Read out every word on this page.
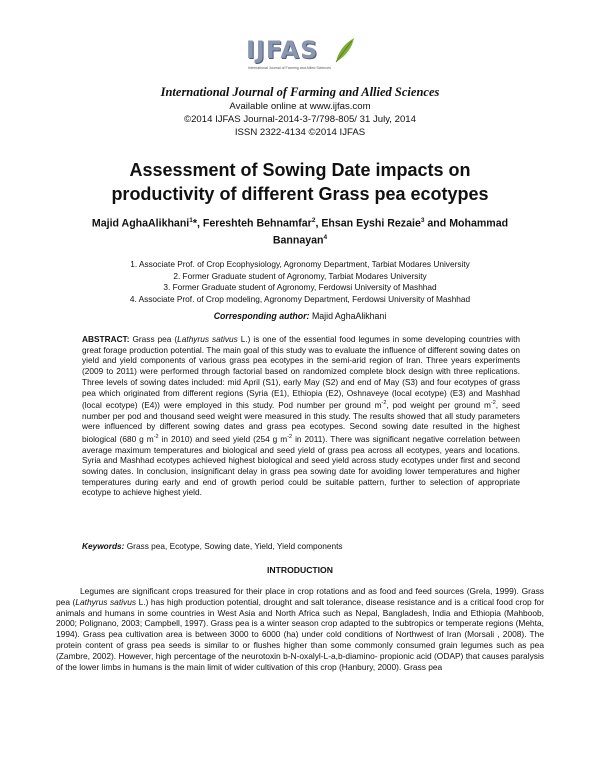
IJFAS
International Journal of Farming and Allied Sciences
International Journal of Farming and Allied Sciences
Available online at www.ijfas.com
©2014 IJFAS Journal-2014-3-7/798-805/ 31 July, 2014
ISSN 2322-4134 ©2014 IJFAS
Assessment of Sowing Date impacts on
productivity of different Grass pea ecotypes
Majid AghaAlikhani$^1$*, Fereshteh Behnamfar$^2$, Ehsan Eyshi Rezaie$^3$ and Mohammad Bannayan$^4$
1. Associate Prof. of Crop Ecophysiology, Agronomy Department, Tarbiat Modares University
2. Former Graduate student of Agronomy, Tarbiat Modares University
3. Former Graduate student of Agronomy, Ferdowsi University of Mashhad
4. Associate Prof. of Crop modeling, Agronomy Department, Ferdowsi University of Mashhad
Corresponding author: Majid AghaAlikhani

ABSTRACT: Grass pea (Lathyrus sativus L.) is one of the essential food legumes in some developing countries with great forage production potential. The main goal of this study was to evaluate the influence of different sowing dates on yield and yield components of various grass pea ecotypes in the semi-arid region of Iran. Three years experiments (2009 to 2011) were performed through factorial based on randomized complete block design with three replications. Three levels of sowing dates included: mid April (S1), early May (S2) and end of May (S3) and four ecotypes of grass pea which originated from different regions (Syria (E1), Ethiopia (E2), Oshnaveye (local ecotype) (E3) and Mashhad (local ecotype) (E4)) were employed in this study. Pod number per ground $m^{-2}$, pod weight per ground $m^{-2}$, seed number per pod and thousand seed weight were measured in this study. The results showed that all study parameters were influenced by different sowing dates and grass pea ecotypes. Second sowing date resulted in the highest biological (680 g $m^{-2}$ in 2010) and seed yield (254 g $m^{-2}$ in 2011). There was significant negative correlation between average maximum temperatures and biological and seed yield of grass pea across all ecotypes, years and locations. Syria and Mashhad ecotypes achieved highest biological and seed yield across study ecotypes under first and second sowing dates. In conclusion, insignificant delay in grass pea sowing date for avoiding lower temperatures and higher temperatures during early and end of growth period could be suitable pattern, further to selection of appropriate ecotype to achieve highest yield.

Keywords: Grass pea, Ecotype, Sowing date, Yield, Yield components

INTRODUCTION

Legumes are significant crops treasured for their place in crop rotations and as food and feed sources (Grela, 1999). Grass pea (Lathyrus sativus L.) has high production potential, drought and salt tolerance, disease resistance and is a critical food crop for animals and humans in some countries in West Asia and North Africa such as Nepal, Bangladesh, India and Ethiopia (Mahboob, 2000; Polignano, 2003; Campbell, 1997). Grass pea is a winter season crop adapted to the subtropics or temperate regions (Mehta, 1994). Grass pea cultivation area is between 3000 to 6000 (ha) under cold conditions of Northwest of Iran (Morsali , 2008). The protein content of grass pea seeds is similar to or flushes higher than some commonly consumed grain legumes such as pea (Zambre, 2002). However, high percentage of the neurotoxin b-N-oxalyl-L-a,b-diamino- propionic acid (ODAP) that causes paralysis of the lower limbs in humans is the main limit of wider cultivation of this crop (Hanbury, 2000). Grass pea
